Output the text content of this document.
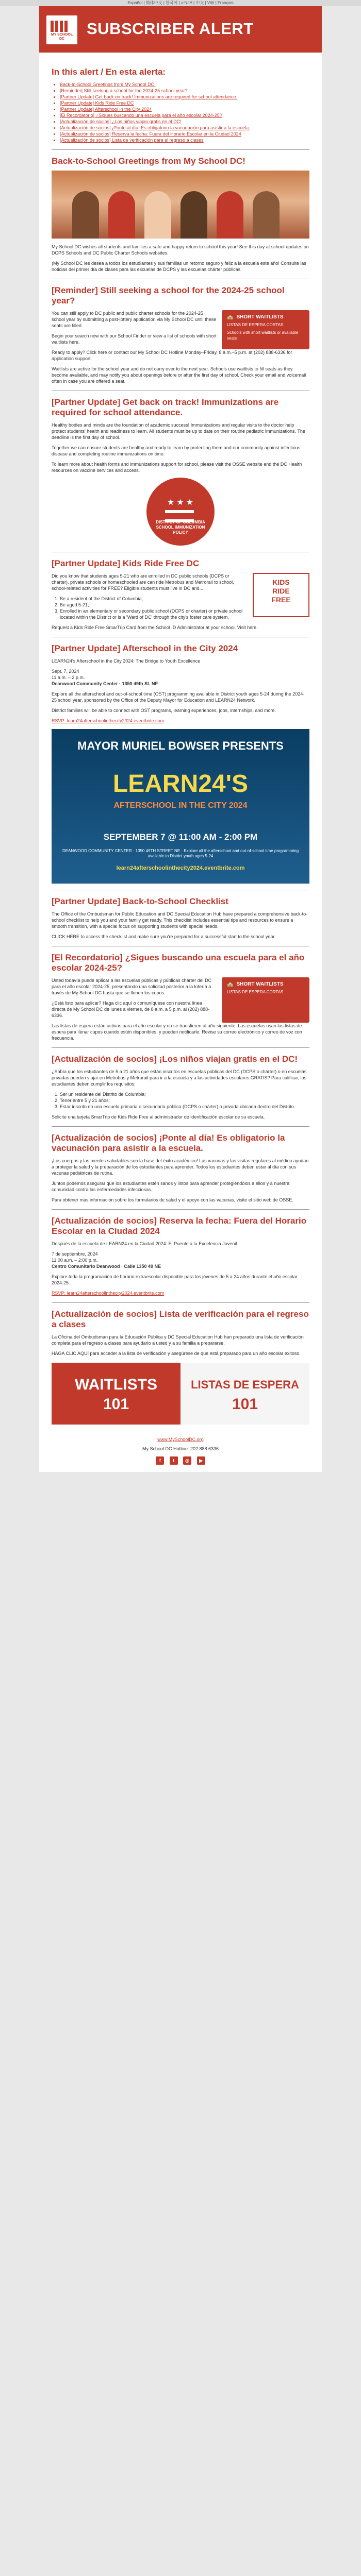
Español | 简体中文 | 한국어 | አማርኛ | 中文 | Việt | Français
MY SCHOOL DC
SUBSCRIBER ALERT
In this alert / En esta alerta:
• Back-to-School Greetings from My School DC!
• [Reminder] Still seeking a school for the 2024-25 school year?
• [Partner Update] Get back on track! Immunizations are required for school attendance.
• [Partner Update] Kids Ride Free DC
• [Partner Update] Afterschool in the City 2024
• [El Recordatorio] ¿Sigues buscando una escuela para el año escolar 2024-25?
• [Actualización de socios] ¿Los niños viajan gratis en el DC!
• [Actualización de socios] ¡Ponte al día! Es obligatorio la vacunación para asistir a la escuela.
• [Actualización de socios] Reserva la fecha: Fuera del Horario Escolar en la Ciudad 2024
• [Actualización de socios] Lista de verificación para el regreso a clases
Back-to-School Greetings from My School DC!

My School DC wishes all students and families a safe and happy return to school this year! See this day at school updates on DCPS Schools and DC Public Charter Schools websites.

¡My School DC les desea a todos los estudiantes y sus familias un retorno seguro y feliz a la escuela este año! Consulte las noticias del primer día de clases para las escuelas de DCPS y las escuelas chárter públicas.

[Reminder] Still seeking a school for the 2024-25 school year?

You can still apply to DC public and public charter schools for the 2024-25 school year by submitting a post-lottery application via My School DC until these seats are filled.

Begin your search now with our School Finder or view a list of schools with short waitlists here.

🏫 SHORT WAITLISTS
LISTAS DE ESPERA CORTAS
Schools with short waitlists or available seats

Ready to apply? Click here or contact our My School DC Hotline Monday–Friday, 8 a.m.–5 p.m. at (202) 888-6336 for application support.

Waitlists are active for the school year and do not carry over to the next year. Schools use waitlists to fill seats as they become available, and may notify you about openings before or after the first day of school. Check your email and voicemail often in case you are offered a seat.

[Partner Update] Get back on track! Immunizations are required for school attendance.

Healthy bodies and minds are the foundation of academic success! Immunizations and regular visits to the doctor help protect students' health and readiness to learn. All students must be up to date on their routine pediatric immunizations. The deadline is the first day of school.

Together we can ensure students are healthy and ready to learn by protecting them and our community against infectious disease and completing routine immunizations on time.

To learn more about health forms and immunizations support for school, please visit the OSSE website and the DC Health resources on vaccine services and access.

★★★

DISTRICT OF COLUMBIA SCHOOL IMMUNIZATION POLICY
[Partner Update] Kids Ride Free DC
KIDS
RIDE
FREE

Did you know that students ages 5-21 who are enrolled in DC public schools (DCPS or charter), private schools or homeschooled are can ride Metrobus and Metrorail to school, school-related activities for FREE? Eligible students must live in DC and...

1. Be a resident of the District of Columbia;
2. Be aged 5-21;
3. Enrolled in an elementary or secondary public school (DCPS or charter) or private school located within the District or is a 'Ward of DC' through the city's foster care system.

Request a Kids Ride Free SmarTrip Card from the School ID Administrator at your school. Visit here.

[Partner Update] Afterschool in the City 2024

LEARN24's Afterschool in the City 2024: The Bridge to Youth Excellence

Sept. 7, 2024

11 a.m. – 2 p.m.

Deanwood Community Center · 1350 49th St. NE

Explore all the afterschool and out-of-school time (OST) programming available in District youth ages 5-24 during the 2024-25 school year, sponsored by the Office of the Deputy Mayor for Education and LEARN24 Network.

District families will be able to connect with OST programs, learning experiences, jobs, internships, and more.

RSVP: learn24afterschoolinthecity2024.eventbrite.com

MAYOR MURIEL BOWSER PRESENTS
LEARN24'S
AFTERSCHOOL IN THE CITY 2024
SEPTEMBER 7 @ 11:00 AM - 2:00 PM
DEANWOOD COMMUNITY CENTER · 1350 49TH STREET NE · Explore all the afterschool and out-of-school time programming available to District youth ages 5-24
learn24afterschoolinthecity2024.eventbrite.com
[Partner Update] Back-to-School Checklist

The Office of the Ombudsman for Public Education and DC Special Education Hub have prepared a comprehensive back-to-school checklist to help you and your family get ready. This checklist includes essential tips and resources to ensure a smooth transition, with a special focus on supporting students with special needs.

CLICK HERE to access the checklist and make sure you're prepared for a successful start to the school year.

[El Recordatorio] ¿Sigues buscando una escuela para el año escolar 2024-25?

Usted todavía puede aplicar a las escuelas públicas y públicas chárter del DC para el año escolar 2024-25, presentando una solicitud posterior a la lotería a través de My School DC hasta que se llenen los cupos.

¿Está listo para aplicar? Haga clic aquí o comuníquese con nuestra línea directa de My School DC de lunes a viernes, de 8 a.m. a 5 p.m. al (202) 888-6336.

🏫 SHORT WAITLISTS
LISTAS DE ESPERA CORTAS

Las listas de espera están activas para el año escolar y no se transfieren al año siguiente. Las escuelas usan las listas de espera para llenar cupos cuando estén disponibles, y pueden notificarle. Revise su correo electrónico y correo de voz con frecuencia.

[Actualización de socios] ¡Los niños viajan gratis en el DC!

¿Sabía que los estudiantes de 5 a 21 años que están inscritos en escuelas públicas del DC (DCPS o chárter) o en escuelas privadas pueden viajar en Metrobus y Metrorail para ir a la escuela y a las actividades escolares GRATIS? Para calificar, los estudiantes deben cumplir los requisitos:

1. Ser un residente del Distrito de Columbia;
2. Tener entre 5 y 21 años;
3. Estar inscrito en una escuela primaria o secundaria pública (DCPS o chárter) o privada ubicada dentro del Distrito.

Solicite una tarjeta SmarTrip de Kids Ride Free al administrador de identificación escolar de su escuela.

[Actualización de socios] ¡Ponte al día! Es obligatorio la vacunación para asistir a la escuela.

¡Los cuerpos y las mentes saludables son la base del éxito académico! Las vacunas y las visitas regulares al médico ayudan a proteger la salud y la preparación de los estudiantes para aprender. Todos los estudiantes deben estar al día con sus vacunas pediátricas de rutina.

Juntos podemos asegurar que los estudiantes estén sanos y listos para aprender protegiéndolos a ellos y a nuestra comunidad contra las enfermedades infecciosas.

Para obtener más información sobre los formularios de salud y el apoyo con las vacunas, visite el sitio web de OSSE.

[Actualización de socios] Reserva la fecha: Fuera del Horario Escolar en la Ciudad 2024

Después de la escuela de LEARN24 en la Ciudad 2024: El Puente a la Excelencia Juvenil

7 de septiembre, 2024

11:00 a.m. – 2:00 p.m.

Centro Comunitario Deanwood · Calle 1350 49 NE

Explore toda la programación de horario extraescolar disponible para los jóvenes de 5 a 24 años durante el año escolar 2024-25.

RSVP: learn24afterschoolinthecity2024.eventbrite.com

[Actualización de socios] Lista de verificación para el regreso a clases

La Oficina del Ombudsman para la Educación Pública y DC Special Education Hub han preparado una lista de verificación completa para el regreso a clases para ayudarlo a usted y a su familia a prepararse.

HAGA CLIC AQUÍ para acceder a la lista de verificación y asegúrese de que está preparado para un año escolar exitoso.

WAITLISTS
101
LISTAS DE ESPERA
101
www.MySchoolDC.org
My School DC Hotline: 202.888.6336
f	t ◎ ▶
